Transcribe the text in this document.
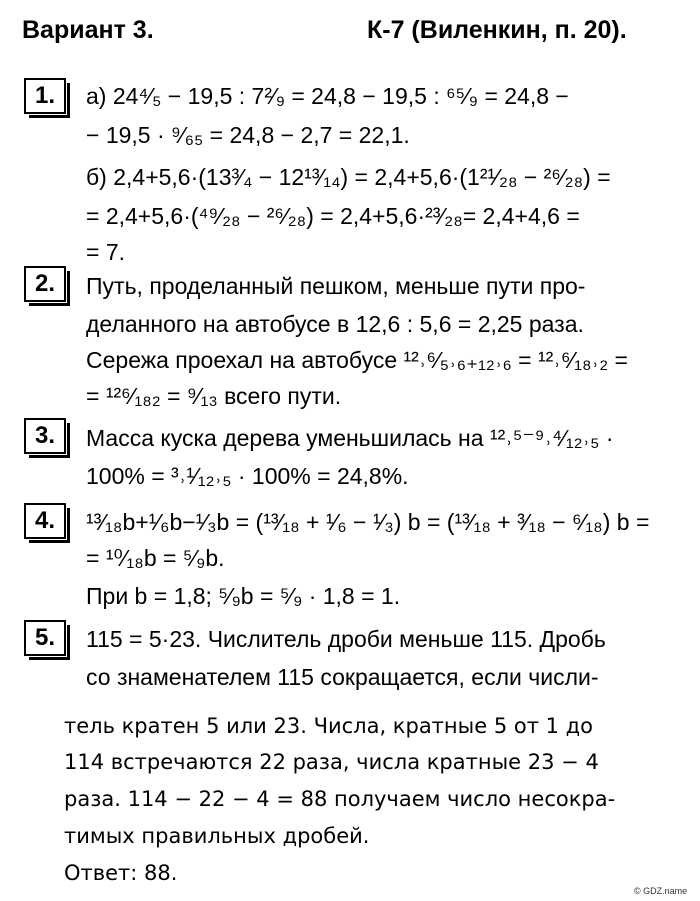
Вариант 3.	К-7 (Виленкин, п. 20).
1.	а) 24⁴⁄₅ − 19,5 : 7²⁄₉ = 24,8 − 19,5 : ⁶⁵⁄₉ = 24,8 −
− 19,5 · ⁹⁄₆₅ = 24,8 − 2,7 = 22,1.
б) 2,4+5,6·(13³⁄₄ − 12¹³⁄₁₄) = 2,4+5,6·(1²¹⁄₂₈ − ²⁶⁄₂₈) =
= 2,4+5,6·(⁴⁹⁄₂₈ − ²⁶⁄₂₈) = 2,4+5,6·²³⁄₂₈= 2,4+4,6 =
= 7.
2.	Путь, проделанный пешком, меньше пути про-
деланного на автобусе в 12,6 : 5,6 = 2,25 раза.
Сережа проехал на автобусе ¹²˒⁶⁄₅˒₆₊₁₂˒₆ = ¹²˒⁶⁄₁₈˒₂ =
= ¹²⁶⁄₁₈₂ = ⁹⁄₁₃ всего пути.
3.	Масса куска дерева уменьшилась на ¹²˒⁵⁻⁹˒⁴⁄₁₂˒₅ ·
100% = ³˒¹⁄₁₂˒₅ · 100% = 24,8%.
4.	¹³⁄₁₈b+¹⁄₆b−¹⁄₃b = (¹³⁄₁₈ + ¹⁄₆ − ¹⁄₃) b = (¹³⁄₁₈ + ³⁄₁₈ − ⁶⁄₁₈) b =
= ¹⁰⁄₁₈b = ⁵⁄₉b.
При b = 1,8; ⁵⁄₉b = ⁵⁄₉ · 1,8 = 1.
5.	115 = 5·23. Числитель дроби меньше 115. Дробь
со знаменателем 115 сокращается, если числи-
тель кратен 5 или 23. Числа, кратные 5 от 1 до
114 встречаются 22 раза, числа кратные 23 − 4
раза. 114 − 22 − 4 = 88 получаем число несокра-
тимых правильных дробей.
Ответ: 88.
© GDZ.name
